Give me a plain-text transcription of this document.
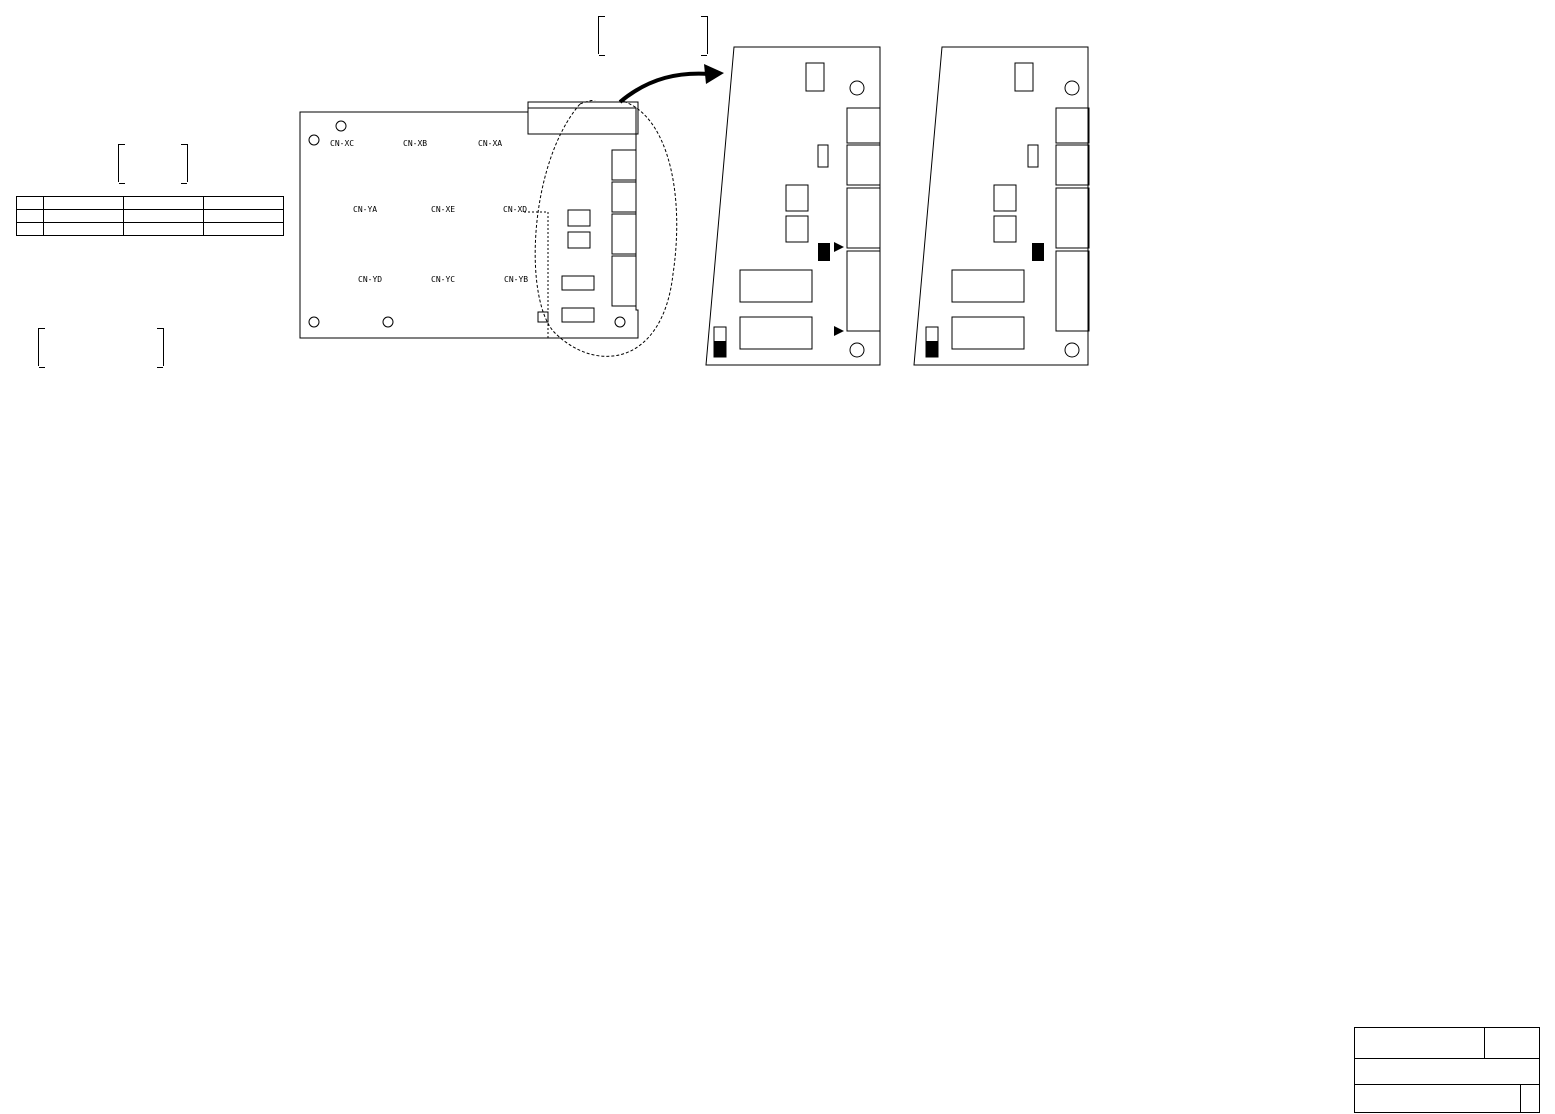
CN-XC	CN-XB	CN-XA
CN-YA	CN-XE	CN-XD
CN-YD	CN-YC	CN-YB
